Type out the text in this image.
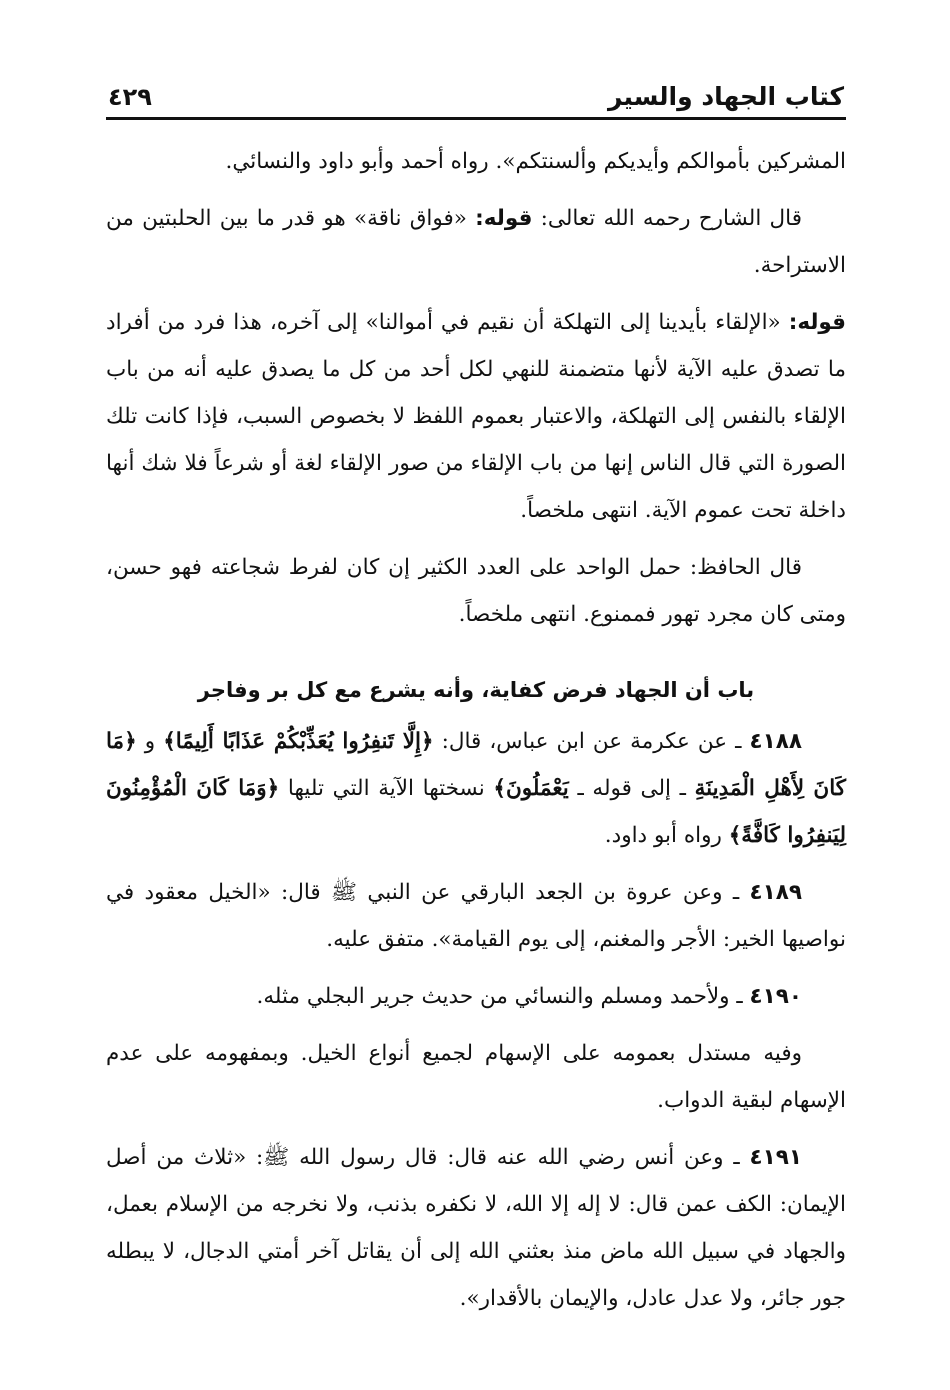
كتاب الجهاد والسير
٤٢٩

المشركين بأموالكم وأيديكم وألسنتكم». رواه أحمد وأبو داود والنسائي.

قال الشارح رحمه الله تعالى: قوله: «فواق ناقة» هو قدر ما بين الحلبتين من الاستراحة.

قوله: «الإلقاء بأيدينا إلى التهلكة أن نقيم في أموالنا» إلى آخره، هذا فرد من أفراد ما تصدق عليه الآية لأنها متضمنة للنهي لكل أحد من كل ما يصدق عليه أنه من باب الإلقاء بالنفس إلى التهلكة، والاعتبار بعموم اللفظ لا بخصوص السبب، فإذا كانت تلك الصورة التي قال الناس إنها من باب الإلقاء من صور الإلقاء لغة أو شرعاً فلا شك أنها داخلة تحت عموم الآية. انتهى ملخصاً.

قال الحافظ: حمل الواحد على العدد الكثير إن كان لفرط شجاعته فهو حسن، ومتى كان مجرد تهور فممنوع. انتهى ملخصاً.

باب أن الجهاد فرض كفاية، وأنه يشرع مع كل بر وفاجر

٤١٨٨ ـ عن عكرمة عن ابن عباس، قال: ﴿إِلَّا تَنفِرُوا يُعَذِّبْكُمْ عَذَابًا أَلِيمًا﴾ و ﴿مَا كَانَ لِأَهْلِ الْمَدِينَةِ ـ إلى قوله ـ يَعْمَلُونَ﴾ نسختها الآية التي تليها ﴿وَمَا كَانَ الْمُؤْمِنُونَ لِيَنفِرُوا كَافَّةً﴾ رواه أبو داود.

٤١٨٩ ـ وعن عروة بن الجعد البارقي عن النبي ﷺ قال: «الخيل معقود في نواصيها الخير: الأجر والمغنم، إلى يوم القيامة». متفق عليه.

٤١٩٠ ـ ولأحمد ومسلم والنسائي من حديث جرير البجلي مثله.

وفيه مستدل بعمومه على الإسهام لجميع أنواع الخيل. وبمفهومه على عدم الإسهام لبقية الدواب.

٤١٩١ ـ وعن أنس رضي الله عنه قال: قال رسول الله ﷺ: «ثلاث من أصل الإيمان: الكف عمن قال: لا إله إلا الله، لا نكفره بذنب، ولا نخرجه من الإسلام بعمل، والجهاد في سبيل الله ماض منذ بعثني الله إلى أن يقاتل آخر أمتي الدجال، لا يبطله جور جائر، ولا عدل عادل، والإيمان بالأقدار».
